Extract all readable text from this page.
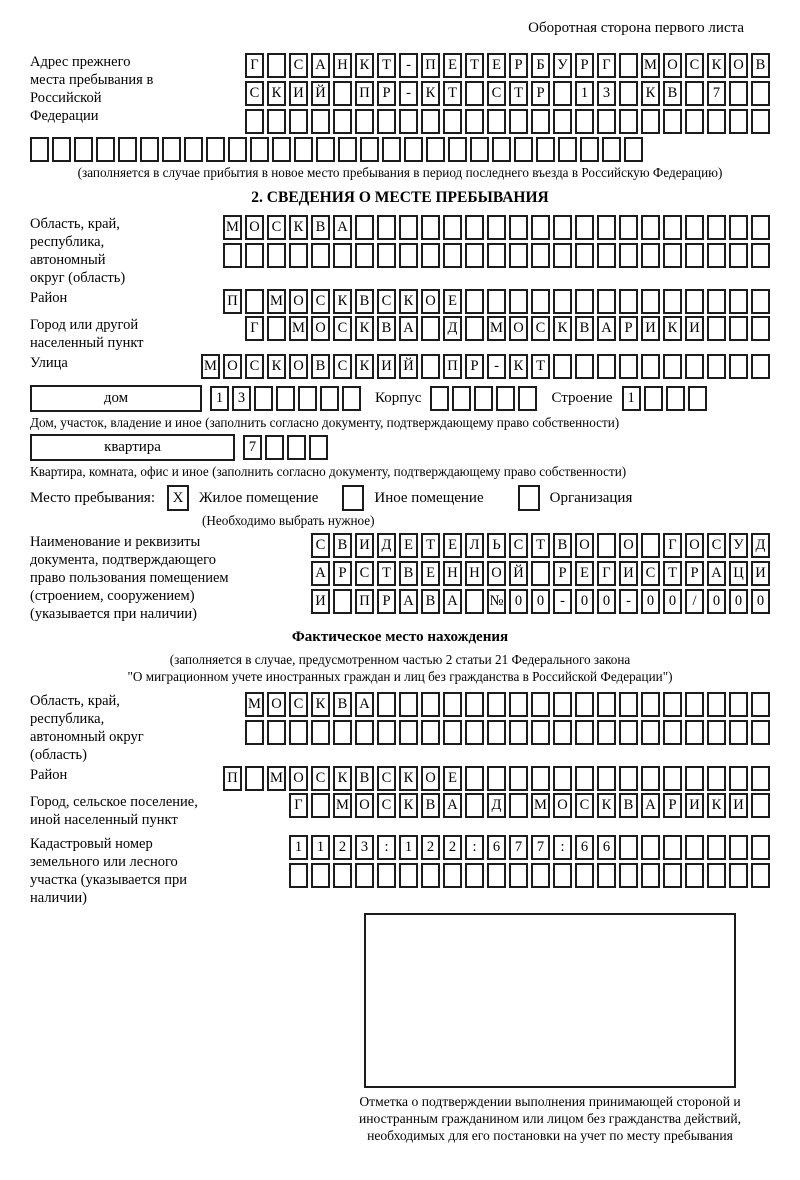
Оборотная сторона первого листа
Адрес прежнего места пребывания в Российской Федерации
Г	С А Н К Т	- П Е Т Е Р Б У Р Г	М О С К О В
С К И Й П Р	-	К Т	С Т Р	1	3	К В	7
(заполняется в случае прибытия в новое место пребывания в период последнего въезда в Российскую Федерацию)
2. СВЕДЕНИЯ О МЕСТЕ ПРЕБЫВАНИЯ
Область, край, республика, автономный округ (область)
М О С К В А
Район	П М О С К В С К О Е
Город или другой населенный пункт
Г	М О С К В А	Д	М О С К В А Р И К И
Улица	М О С К О В С К И Й П Р	-	К Т
дом	1	3	Корпус	Строение	1
Дом, участок, владение и иное (заполнить согласно документу, подтверждающему право собственности)
квартира	7
Квартира, комната, офис и иное (заполнить согласно документу, подтверждающему право собственности)
Место пребывания:	X	Жилое помещение	Иное помещение	Организация
(Необходимо выбрать нужное)
Наименование и реквизиты документа, подтверждающего право пользования помещением (строением, сооружением) (указывается при наличии)
С В И Д Е Т Е Л Ь С Т В О О	Г О С У Д
А Р С Т В Е Н Н О Й	Р Е Г И С Т Р А Ц И
И П Р А В А № 0	0	-	0	0	-	0	0	/	0	0	0
Фактическое место нахождения
(заполняется в случае, предусмотренном частью 2 статьи 21 Федерального закона
"О миграционном учете иностранных граждан и лиц без гражданства в Российской Федерации")
Область, край, республика, автономный округ (область)
М О С К В А
Район	П М О С К В С К О Е
Город, сельское поселение, иной населенный пункт
Г	М О С К В А	Д	М О С К В А Р И К И
Кадастровый номер земельного или лесного участка (указывается при наличии)
1	1	2	3	:	1	2	2	:	6	7	7	:	6	6
Отметка о подтверждении выполнения принимающей стороной и иностранным гражданином или лицом без гражданства действий, необходимых для его постановки на учет по месту пребывания
